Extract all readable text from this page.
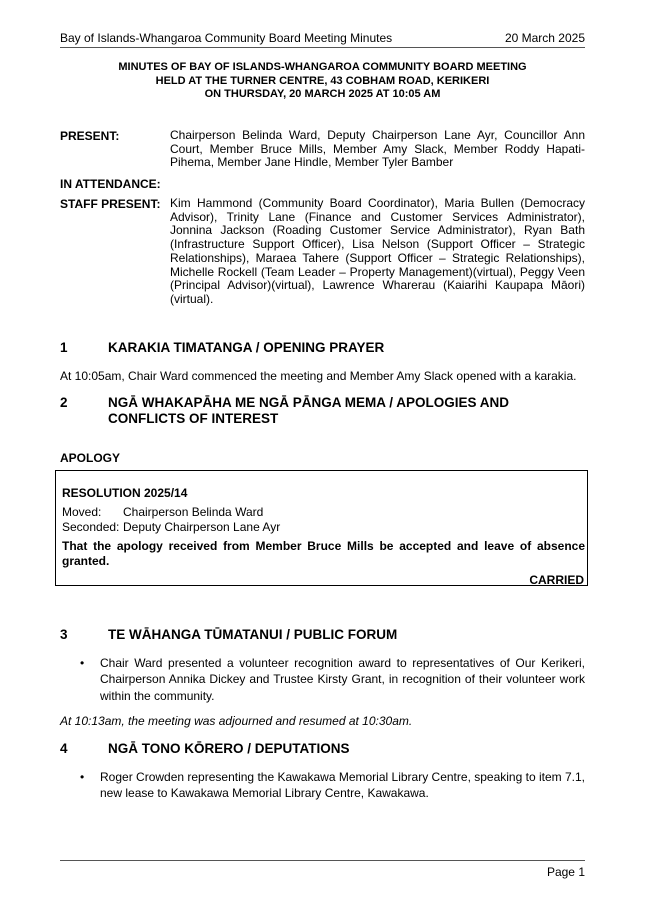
Bay of Islands-Whangaroa Community Board Meeting Minutes	20 March 2025
MINUTES OF BAY OF ISLANDS-WHANGAROA COMMUNITY BOARD MEETING
HELD AT THE TURNER CENTRE, 43 COBHAM ROAD, KERIKERI
ON THURSDAY, 20 MARCH 2025 AT 10:05 AM
PRESENT:	Chairperson Belinda Ward, Deputy Chairperson Lane Ayr, Councillor Ann Court, Member Bruce Mills, Member Amy Slack, Member Roddy Hapati-Pihema, Member Jane Hindle, Member Tyler Bamber
IN ATTENDANCE:
STAFF PRESENT: Kim Hammond (Community Board Coordinator), Maria Bullen (Democracy Advisor), Trinity Lane (Finance and Customer Services Administrator), Jonnina Jackson (Roading Customer Service Administrator), Ryan Bath (Infrastructure Support Officer), Lisa Nelson (Support Officer – Strategic Relationships), Maraea Tahere (Support Officer – Strategic Relationships), Michelle Rockell (Team Leader – Property Management)(virtual), Peggy Veen (Principal Advisor)(virtual), Lawrence Wharerau (Kaiarihi Kaupapa Māori)(virtual).
1	KARAKIA TIMATANGA / OPENING PRAYER
At 10:05am, Chair Ward commenced the meeting and Member Amy Slack opened with a karakia.
2	NGĀ WHAKAPĀHA ME NGĀ PĀNGA MEMA / APOLOGIES AND CONFLICTS OF INTEREST
APOLOGY
RESOLUTION 2025/14
Moved: Chairperson Belinda Ward
Seconded: Deputy Chairperson Lane Ayr
That the apology received from Member Bruce Mills be accepted and leave of absence granted.
CARRIED
3	TE WĀHANGA TŪMATANUI / PUBLIC FORUM
• Chair Ward presented a volunteer recognition award to representatives of Our Kerikeri, Chairperson Annika Dickey and Trustee Kirsty Grant, in recognition of their volunteer work within the community.
At 10:13am, the meeting was adjourned and resumed at 10:30am.
4	NGĀ TONO KŌRERO / DEPUTATIONS
• Roger Crowden representing the Kawakawa Memorial Library Centre, speaking to item 7.1, new lease to Kawakawa Memorial Library Centre, Kawakawa.
Page 1
